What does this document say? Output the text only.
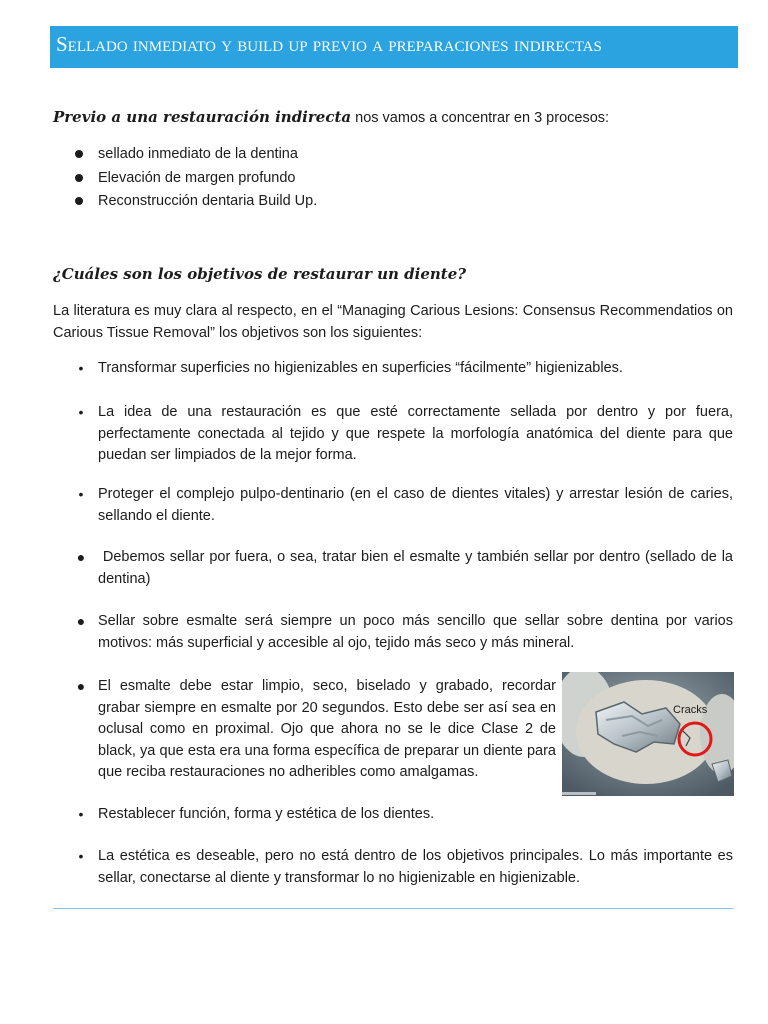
Sellado inmediato y build up previo a preparaciones indirectas
Previo a una restauración indirecta nos vamos a concentrar en 3 procesos:
sellado inmediato de la dentina
Elevación de margen profundo
Reconstrucción dentaria Build Up.
¿Cuáles son los objetivos de restaurar un diente?
La literatura es muy clara al respecto, en el “Managing Carious Lesions: Consensus Recommendatios on Carious Tissue Removal” los objetivos son los siguientes:
• Transformar superficies no higienizables en superficies “fácilmente” higienizables.
• La idea de una restauración es que esté correctamente sellada por dentro y por fuera, perfectamente conectada al tejido y que respete la morfología anatómica del diente para que puedan ser limpiados de la mejor forma.
• Proteger el complejo pulpo-dentinario (en el caso de dientes vitales) y arrestar lesión de caries, sellando el diente.
● Debemos sellar por fuera, o sea, tratar bien el esmalte y también sellar por dentro (sellado de la dentina)
● Sellar sobre esmalte será siempre un poco más sencillo que sellar sobre dentina por varios motivos: más superficial y accesible al ojo, tejido más seco y más mineral.
● El esmalte debe estar limpio, seco, biselado y grabado, recordar grabar siempre en esmalte por 20 segundos. Esto debe ser así sea en oclusal como en proximal. Ojo que ahora no se le dice Clase 2 de black, ya que esta era una forma específica de preparar un diente para que reciba restauraciones no adheribles como amalgamas.
Cracks
• Restablecer función, forma y estética de los dientes.
• La estética es deseable, pero no está dentro de los objetivos principales. Lo más importante es sellar, conectarse al diente y transformar lo no higienizable en higienizable.
